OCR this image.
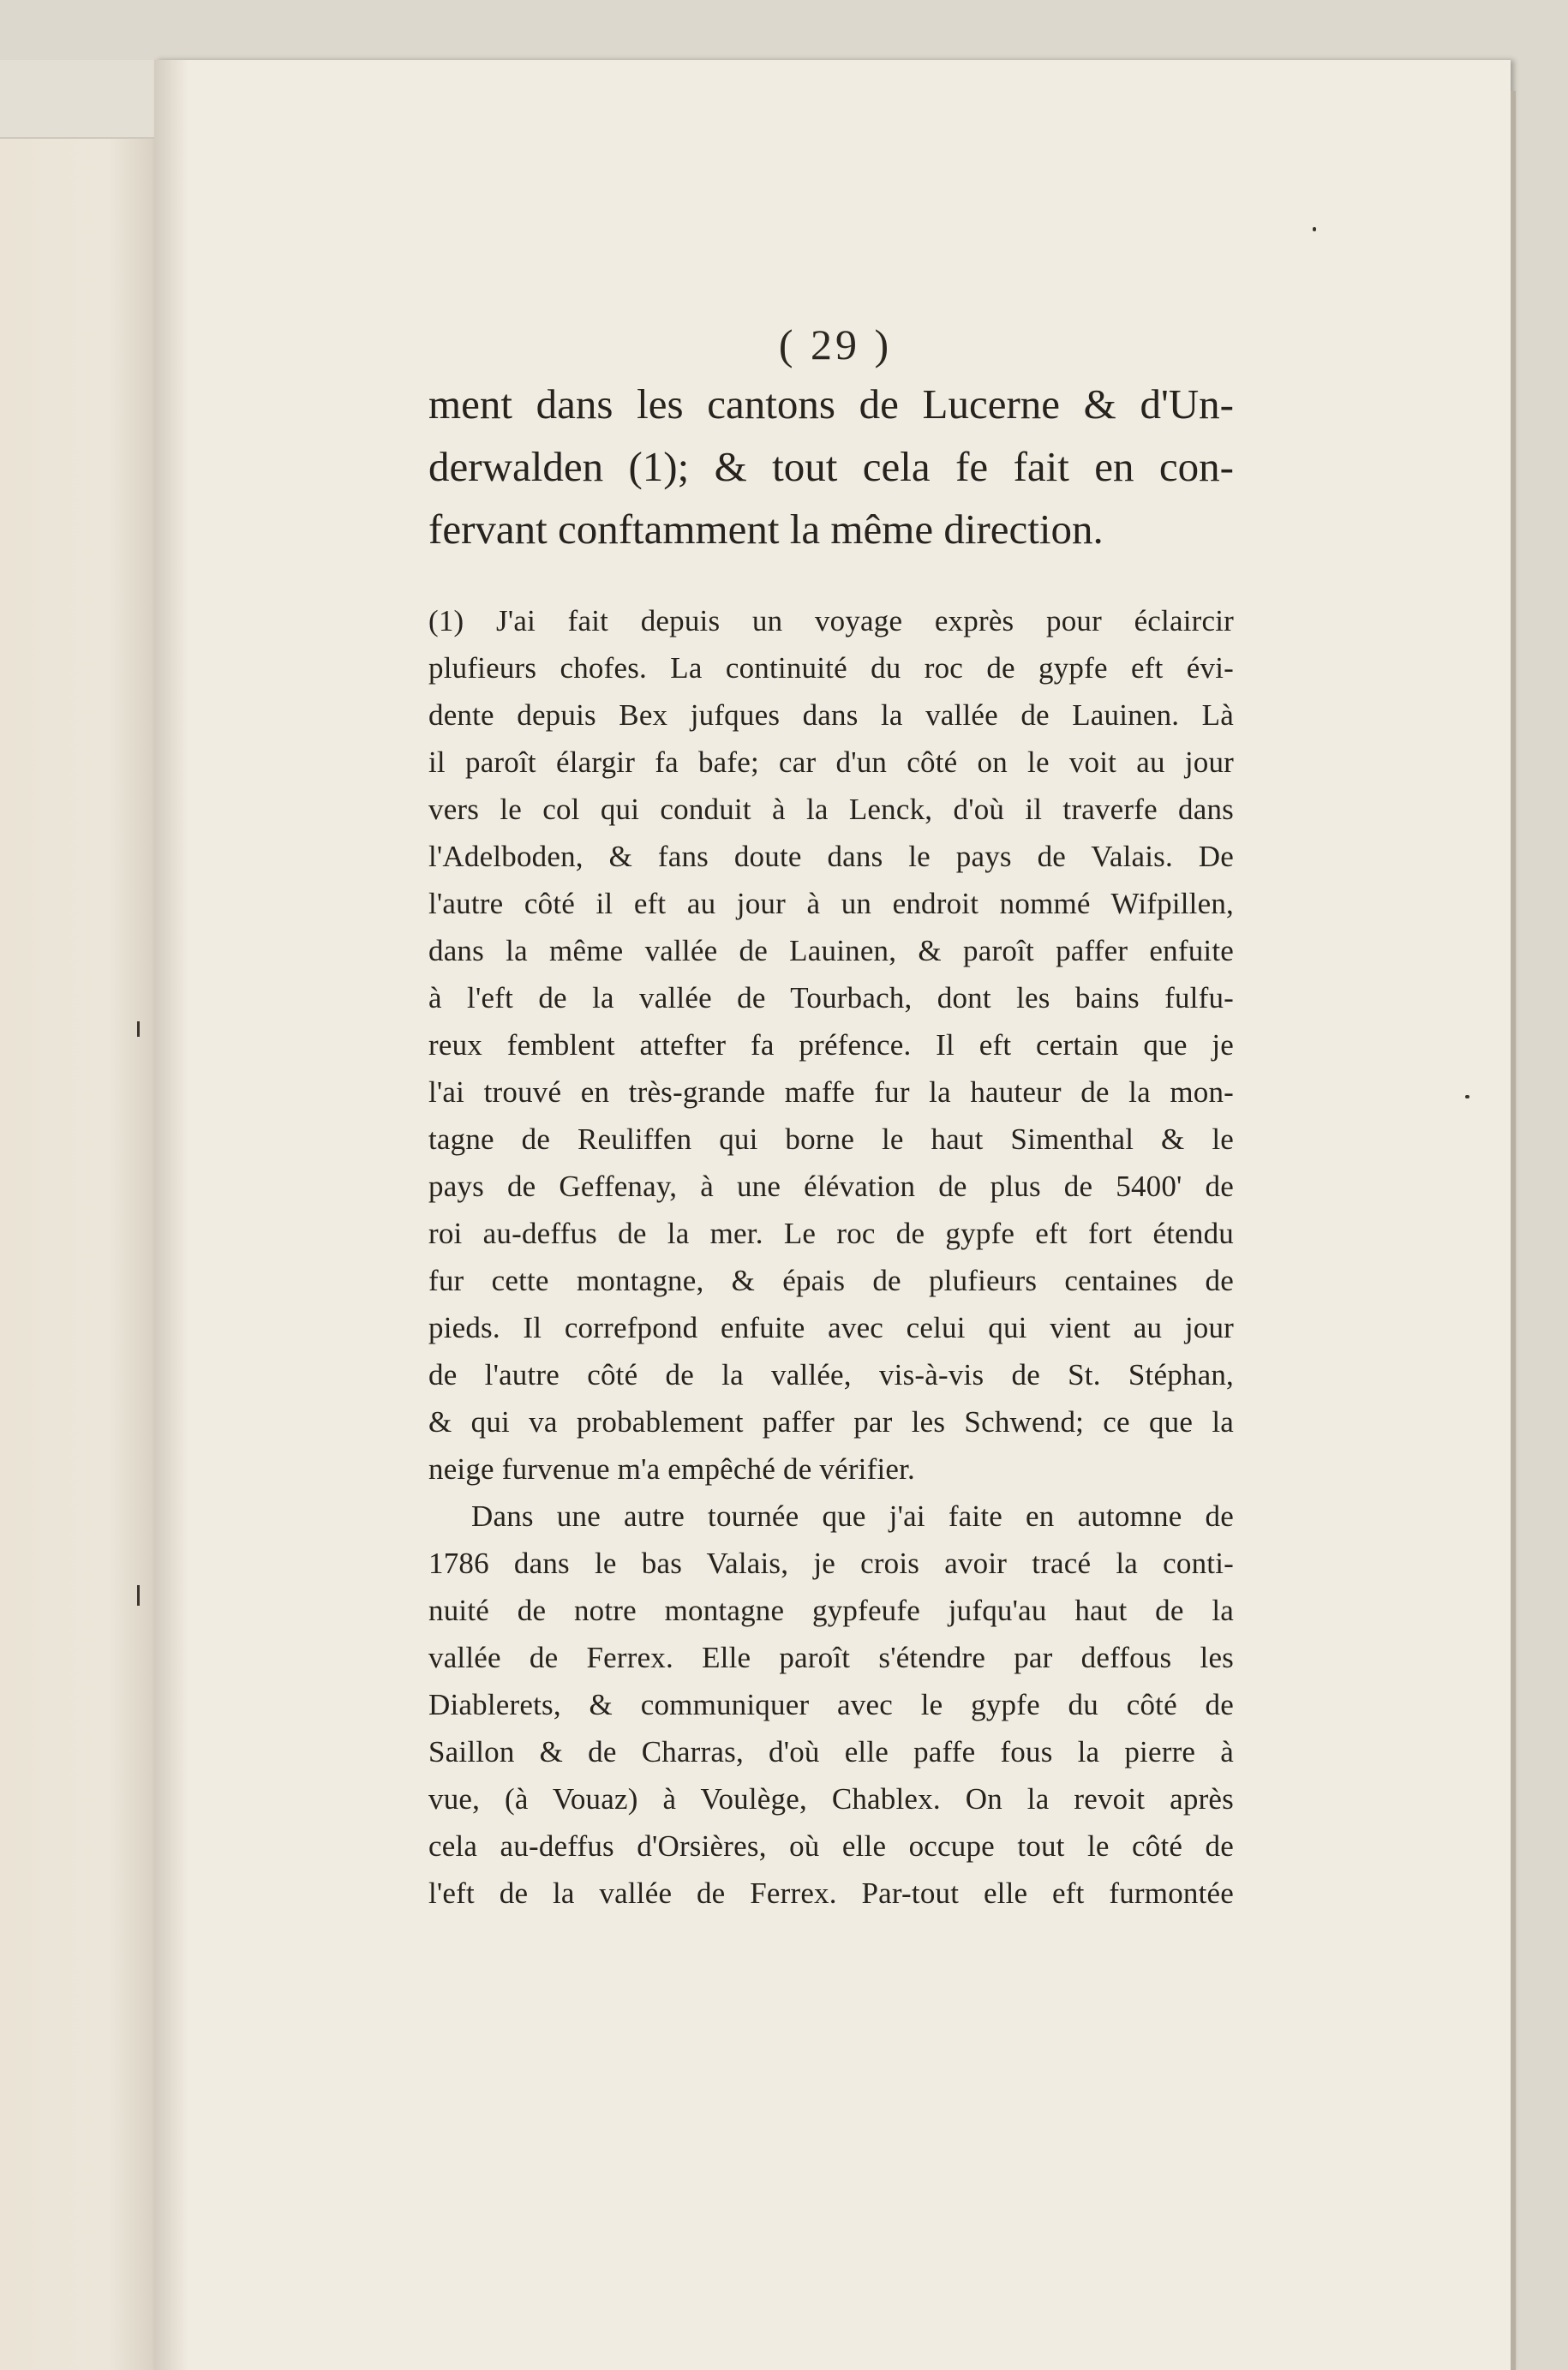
( 29 )
ment dans les cantons de Lucerne & d'Un-
derwalden (1); & tout cela fe fait en con-
fervant conftamment la même direction.
(1) J'ai fait depuis un voyage exprès pour éclaircir
plufieurs chofes. La continuité du roc de gypfe eft évi-
dente depuis Bex jufques dans la vallée de Lauinen. Là
il paroît élargir fa bafe; car d'un côté on le voit au jour
vers le col qui conduit à la Lenck, d'où il traverfe dans
l'Adelboden, & fans doute dans le pays de Valais. De
l'autre côté il eft au jour à un endroit nommé Wifpillen,
dans la même vallée de Lauinen, & paroît paffer enfuite
à l'eft de la vallée de Tourbach, dont les bains fulfu-
reux femblent attefter fa préfence. Il eft certain que je
l'ai trouvé en très-grande maffe fur la hauteur de la mon-
tagne de Reuliffen qui borne le haut Simenthal & le
pays de Geffenay, à une élévation de plus de 5400' de
roi au-deffus de la mer. Le roc de gypfe eft fort étendu
fur cette montagne, & épais de plufieurs centaines de
pieds. Il correfpond enfuite avec celui qui vient au jour
de l'autre côté de la vallée, vis-à-vis de St. Stéphan,
& qui va probablement paffer par les Schwend; ce que la
neige furvenue m'a empêché de vérifier.
Dans une autre tournée que j'ai faite en automne de
1786 dans le bas Valais, je crois avoir tracé la conti-
nuité de notre montagne gypfeufe jufqu'au haut de la
vallée de Ferrex. Elle paroît s'étendre par deffous les
Diablerets, & communiquer avec le gypfe du côté de
Saillon & de Charras, d'où elle paffe fous la pierre à
vue, (à Vouaz) à Voulège, Chablex. On la revoit après
cela au-deffus d'Orsières, où elle occupe tout le côté de
l'eft de la vallée de Ferrex. Par-tout elle eft furmontée
